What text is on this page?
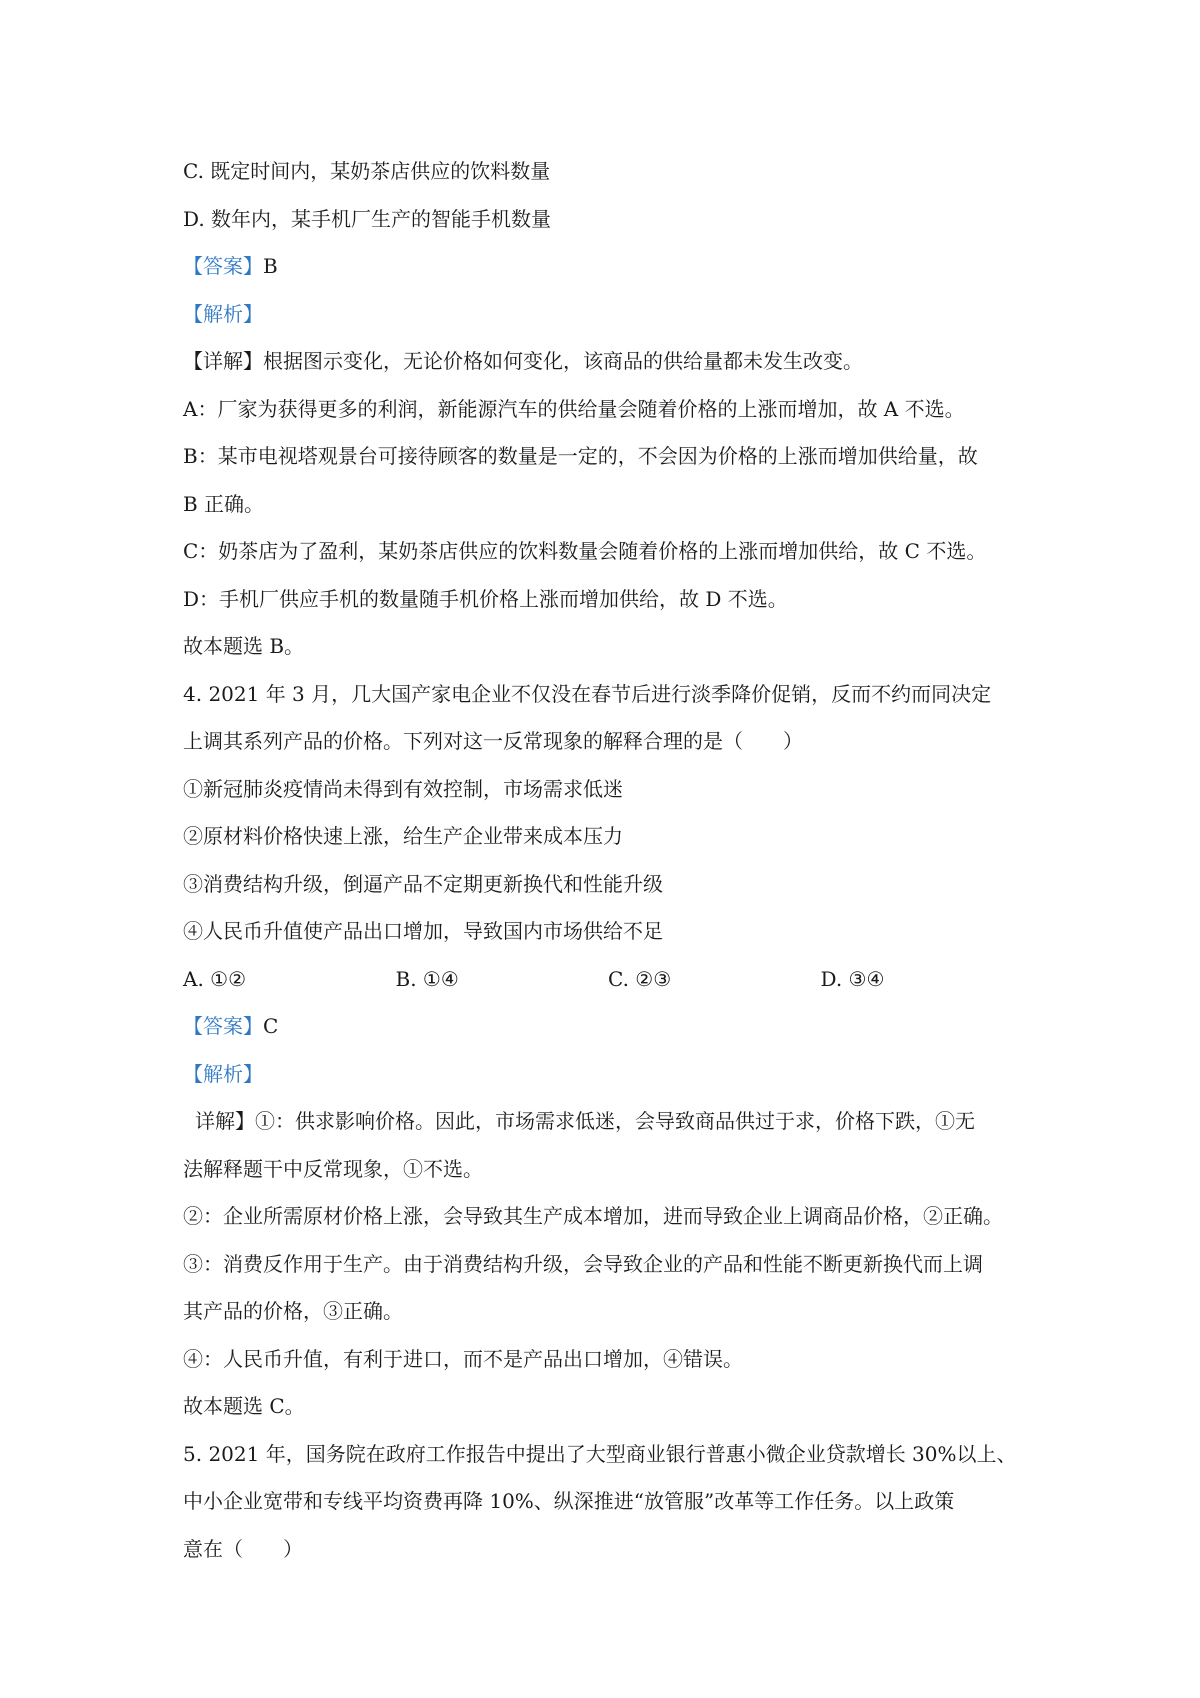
C. 既定时间内，某奶茶店供应的饮料数量
D. 数年内，某手机厂生产的智能手机数量
【答案】B
【解析】
【详解】根据图示变化，无论价格如何变化，该商品的供给量都未发生改变。
A：厂家为获得更多的利润，新能源汽车的供给量会随着价格的上涨而增加，故 A 不选。
B：某市电视塔观景台可接待顾客的数量是一定的，不会因为价格的上涨而增加供给量，故
B 正确。
C：奶茶店为了盈利，某奶茶店供应的饮料数量会随着价格的上涨而增加供给，故 C 不选。
D：手机厂供应手机的数量随手机价格上涨而增加供给，故 D 不选。
故本题选 B。
4. 2021 年 3 月，几大国产家电企业不仅没在春节后进行淡季降价促销，反而不约而同决定
上调其系列产品的价格。下列对这一反常现象的解释合理的是（　　）
①新冠肺炎疫情尚未得到有效控制，市场需求低迷
②原材料价格快速上涨，给生产企业带来成本压力
③消费结构升级，倒逼产品不定期更新换代和性能升级
④人民币升值使产品出口增加，导致国内市场供给不足
A. ①②	B. ①④	C. ②③	D. ③④
【答案】C
【解析】
详解】①：供求影响价格。因此，市场需求低迷，会导致商品供过于求，价格下跌，①无
法解释题干中反常现象，①不选。
②：企业所需原材价格上涨，会导致其生产成本增加，进而导致企业上调商品价格，②正确。
③：消费反作用于生产。由于消费结构升级，会导致企业的产品和性能不断更新换代而上调
其产品的价格，③正确。
④：人民币升值，有利于进口，而不是产品出口增加，④错误。
故本题选 C。
5. 2021 年，国务院在政府工作报告中提出了大型商业银行普惠小微企业贷款增长 30%以上、
中小企业宽带和专线平均资费再降 10%、纵深推进“放管服”改革等工作任务。以上政策
意在（　　）
